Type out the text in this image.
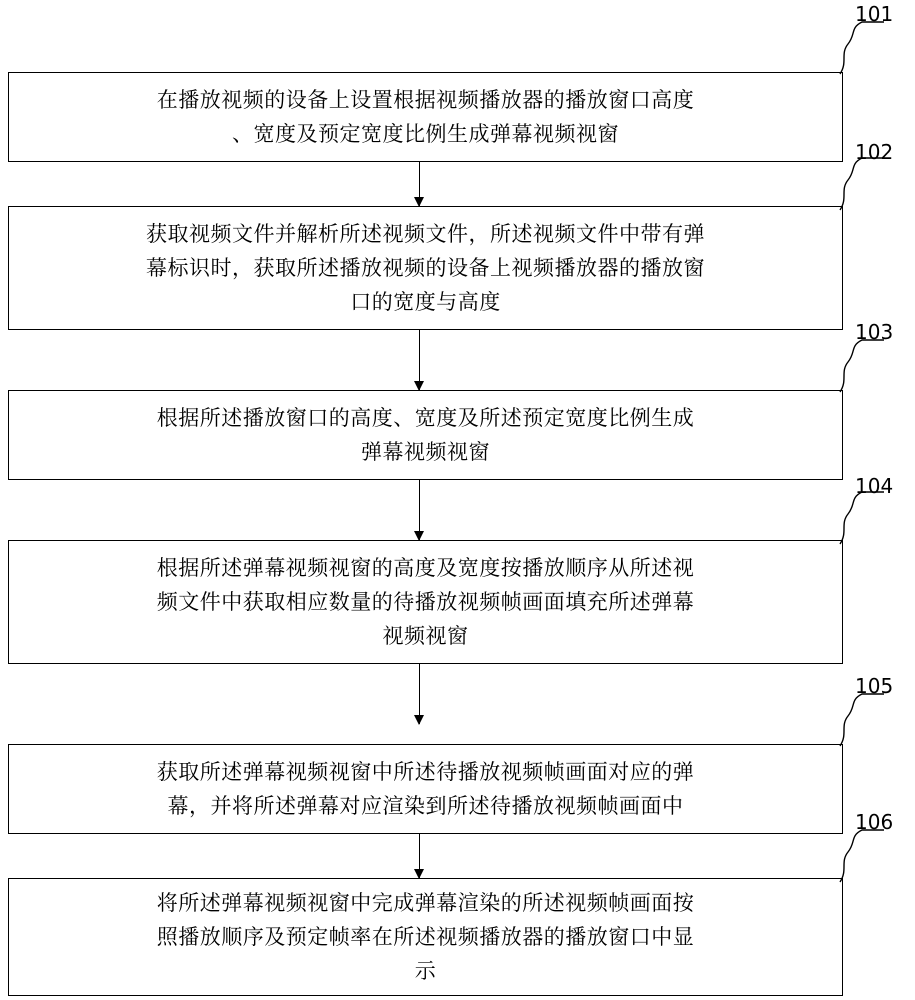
在播放视频的设备上设置根据视频播放器的播放窗口高度
、宽度及预定宽度比例生成弹幕视频视窗
101
获取视频文件并解析所述视频文件，所述视频文件中带有弹
幕标识时，获取所述播放视频的设备上视频播放器的播放窗
口的宽度与高度
102
根据所述播放窗口的高度、宽度及所述预定宽度比例生成
弹幕视频视窗
103
根据所述弹幕视频视窗的高度及宽度按播放顺序从所述视
频文件中获取相应数量的待播放视频帧画面填充所述弹幕
视频视窗
104
获取所述弹幕视频视窗中所述待播放视频帧画面对应的弹
幕，并将所述弹幕对应渲染到所述待播放视频帧画面中
105
将所述弹幕视频视窗中完成弹幕渲染的所述视频帧画面按
照播放顺序及预定帧率在所述视频播放器的播放窗口中显
示
106
